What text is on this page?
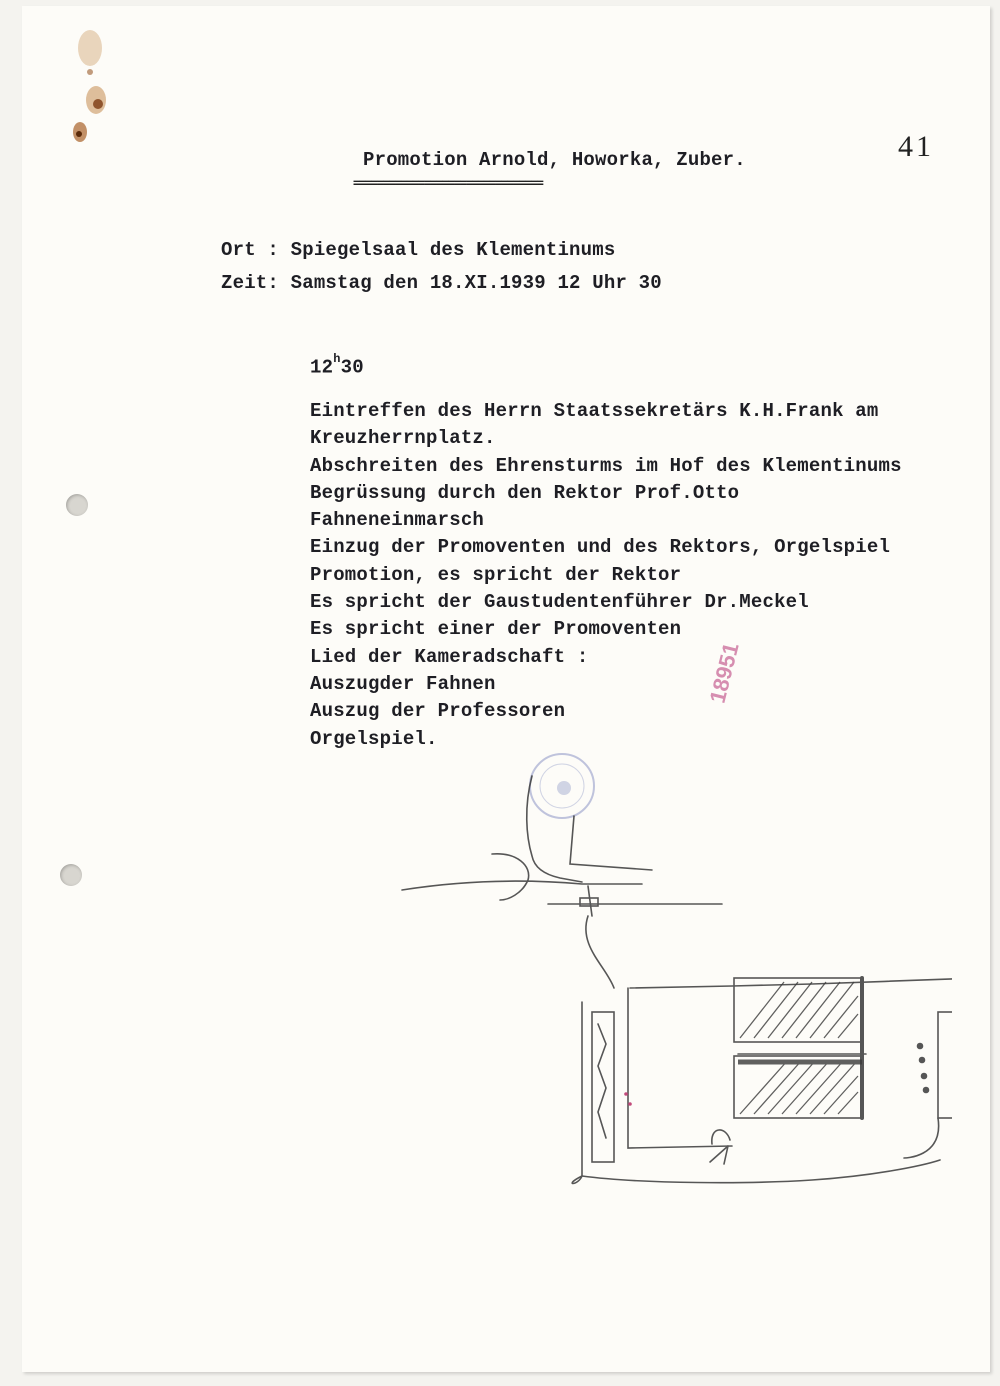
41
Promotion Arnold, Howorka, Zuber.
================================
Ort : Spiegelsaal des Klementinums
Zeit: Samstag den 18.XI.1939 12 Uhr 30
12$^h$30
Eintreffen des Herrn Staatssekretärs K.H.Frank am
Kreuzherrnplatz.
Abschreiten des Ehrensturms im Hof des Klementinums
Begrüssung durch den Rektor Prof.Otto
Fahneneinmarsch
Einzug der Promoventen und des Rektors, Orgelspiel
Promotion, es spricht der Rektor
Es spricht der Gaustudentenführer Dr.Meckel
Es spricht einer der Promoventen
Lied der Kameradschaft :
Auszugder Fahnen
Auszug der Professoren
Orgelspiel.
18951
